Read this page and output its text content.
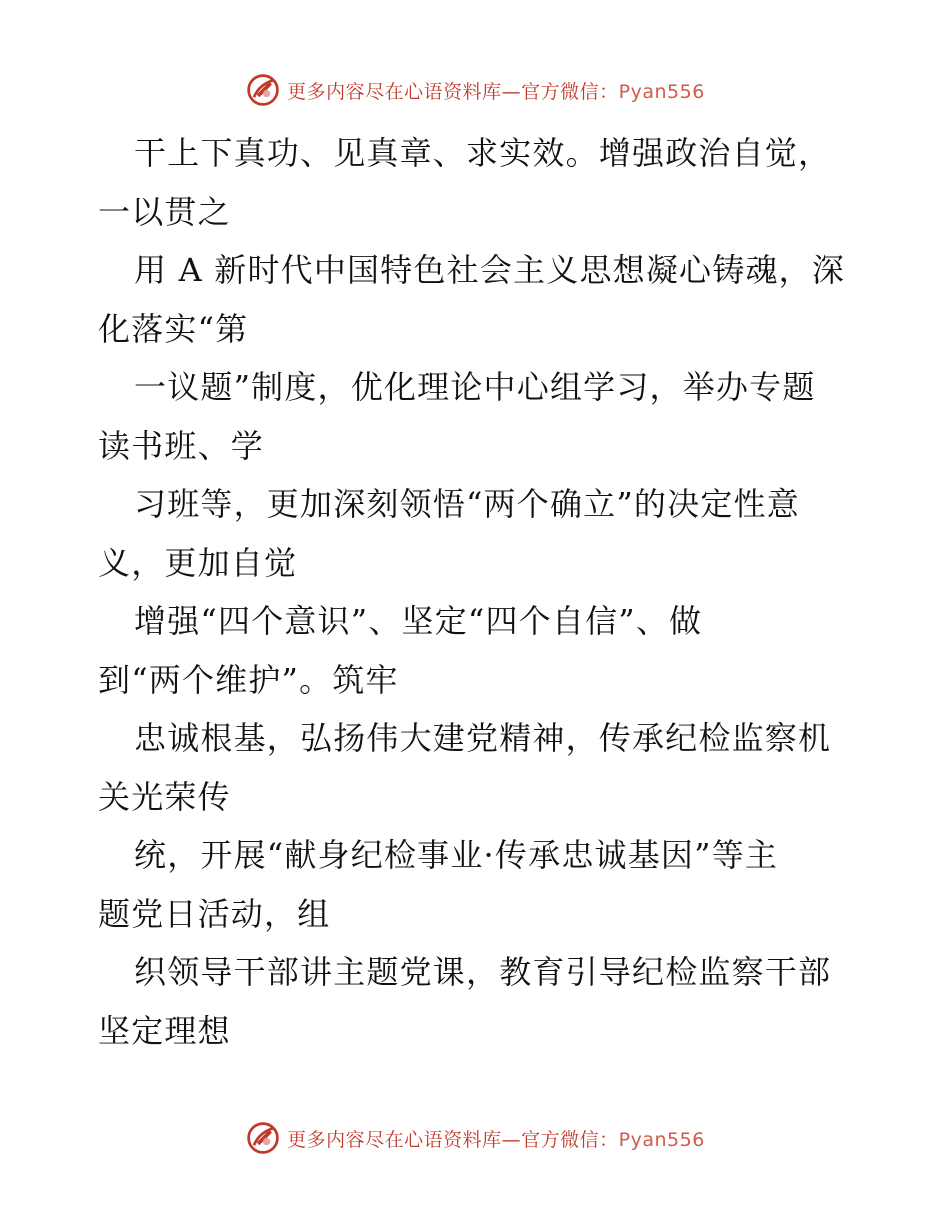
更多内容尽在心语资料库—官方微信：Pyan556
干上下真功、见真章、求实效。增强政治自觉，
一以贯之
用 A 新时代中国特色社会主义思想凝心铸魂，深
化落实“第
一议题”制度，优化理论中心组学习，举办专题
读书班、学
习班等，更加深刻领悟“两个确立”的决定性意
义，更加自觉
增强“四个意识”、坚定“四个自信”、做
到“两个维护”。筑牢
忠诚根基，弘扬伟大建党精神，传承纪检监察机
关光荣传
统，开展“献身纪检事业·传承忠诚基因”等主
题党日活动，组
织领导干部讲主题党课，教育引导纪检监察干部
坚定理想
更多内容尽在心语资料库—官方微信：Pyan556
